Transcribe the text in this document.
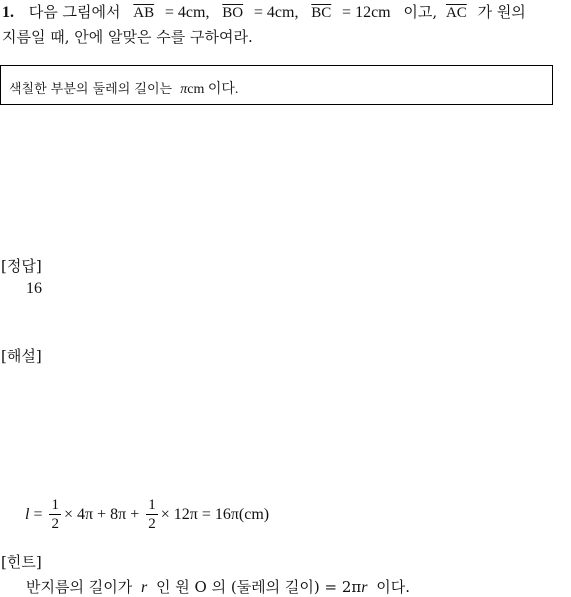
1. 다음 그림에서 $\overline{AB} = 4cm$, $\overline{BO} = 4cm$, $\overline{BC} = 12cm$ 이고, $\overline{AC}$ 가 원의
지름일 때, 안에 알맞은 수를 구하여라.
색칠한 부분의 둘레의 길이는 πcm 이다.
[정답]
16
[해설]
$l = \frac{1}{2} \times 4\pi + 8\pi + \frac{1}{2} \times 12\pi = 16\pi(cm)$
[힌트]
반지름의 길이가 r 인 원 O 의 (둘레의 길이) = 2πr 이다.
